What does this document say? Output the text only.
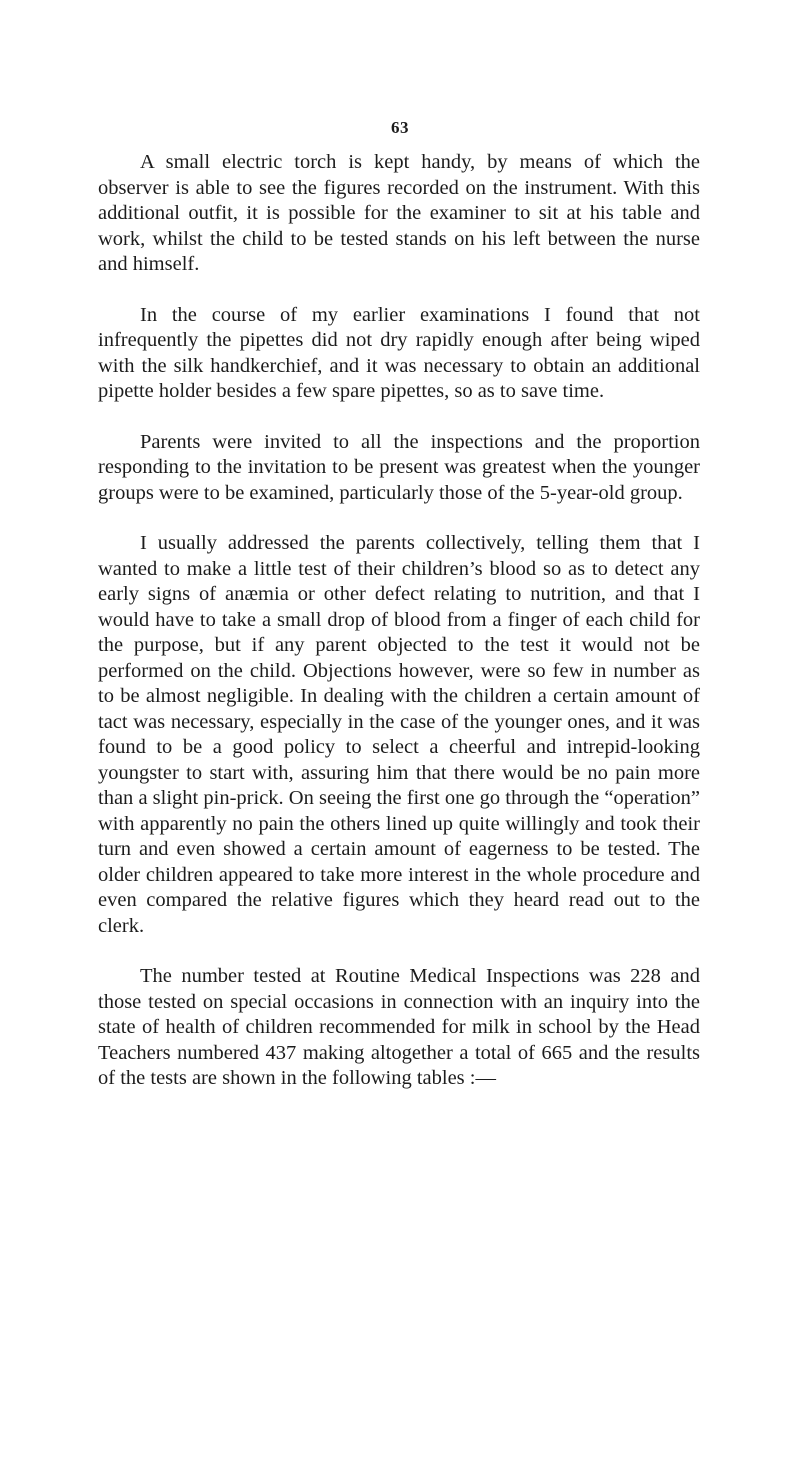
63

A small electric torch is kept handy, by means of which the observer is able to see the figures recorded on the instrument. With this additional outfit, it is possible for the examiner to sit at his table and work, whilst the child to be tested stands on his left between the nurse and himself.

In the course of my earlier examinations I found that not infrequently the pipettes did not dry rapidly enough after being wiped with the silk handkerchief, and it was necessary to obtain an additional pipette holder besides a few spare pipettes, so as to save time.

Parents were invited to all the inspections and the proportion responding to the invitation to be present was greatest when the younger groups were to be examined, particularly those of the 5-year-old group.

I usually addressed the parents collectively, telling them that I wanted to make a little test of their children’s blood so as to detect any early signs of anæmia or other defect relating to nutrition, and that I would have to take a small drop of blood from a finger of each child for the purpose, but if any parent objected to the test it would not be performed on the child. Objections however, were so few in number as to be almost negligible. In dealing with the children a certain amount of tact was necessary, especially in the case of the younger ones, and it was found to be a good policy to select a cheerful and intrepid-looking youngster to start with, assuring him that there would be no pain more than a slight pin-prick. On seeing the first one go through the “operation” with apparently no pain the others lined up quite willingly and took their turn and even showed a certain amount of eagerness to be tested. The older children appeared to take more interest in the whole procedure and even compared the relative figures which they heard read out to the clerk.

The number tested at Routine Medical Inspections was 228 and those tested on special occasions in connection with an inquiry into the state of health of children recommended for milk in school by the Head Teachers numbered 437 making altogether a total of 665 and the results of the tests are shown in the following tables :—
